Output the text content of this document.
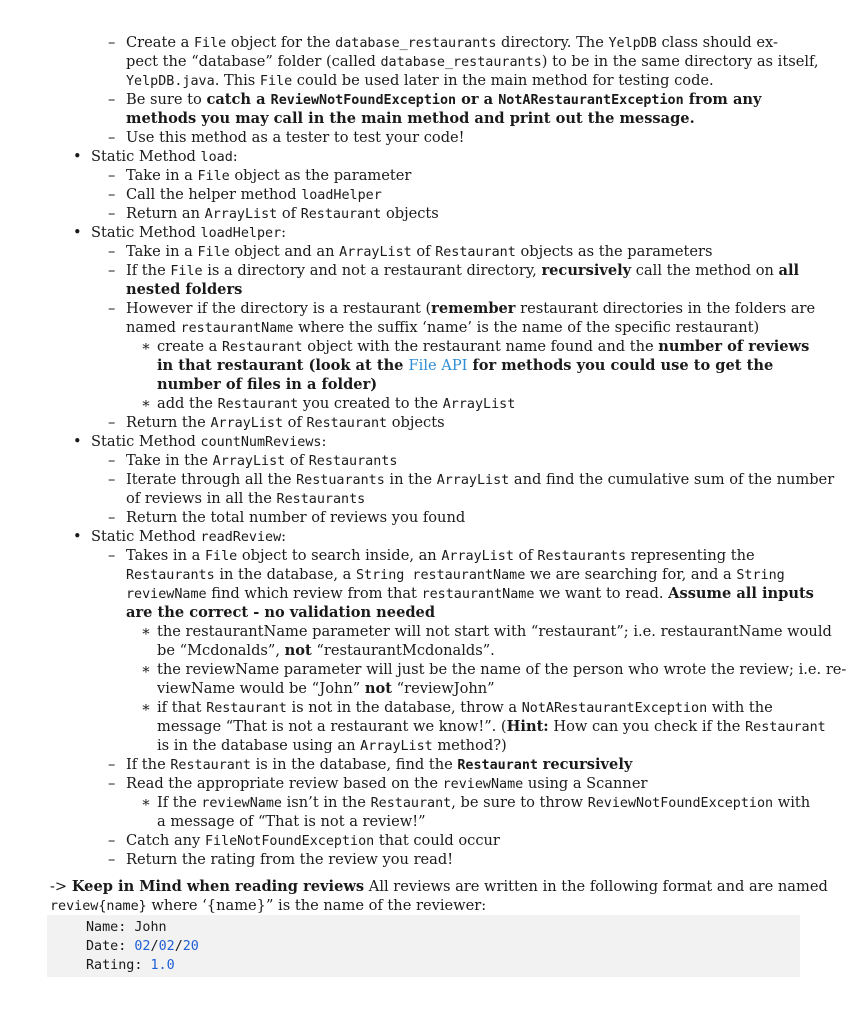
– Create a File object for the database_restaurants directory. The YelpDB class should ex-
pect the “database” folder (called database_restaurants) to be in the same directory as itself,
YelpDB.java. This File could be used later in the main method for testing code.
– Be sure to catch a ReviewNotFoundException or a NotARestaurantException from any
methods you may call in the main method and print out the message.
– Use this method as a tester to test your code!
• Static Method load:
– Take in a File object as the parameter
– Call the helper method loadHelper
– Return an ArrayList of Restaurant objects
• Static Method loadHelper:
– Take in a File object and an ArrayList of Restaurant objects as the parameters
– If the File is a directory and not a restaurant directory, recursively call the method on all
nested folders
– However if the directory is a restaurant (remember restaurant directories in the folders are
named restaurantName where the suffix ‘name’ is the name of the specific restaurant)
∗ create a Restaurant object with the restaurant name found and the number of reviews
in that restaurant (look at the File API for methods you could use to get the
number of files in a folder)
∗ add the Restaurant you created to the ArrayList
– Return the ArrayList of Restaurant objects
• Static Method countNumReviews:
– Take in the ArrayList of Restaurants
– Iterate through all the Restuarants in the ArrayList and find the cumulative sum of the number
of reviews in all the Restaurants
– Return the total number of reviews you found
• Static Method readReview:
– Takes in a File object to search inside, an ArrayList of Restaurants representing the
Restaurants in the database, a String restaurantName we are searching for, and a String
reviewName find which review from that restaurantName we want to read. Assume all inputs
are the correct - no validation needed
∗ the restaurantName parameter will not start with “restaurant”; i.e. restaurantName would
be “Mcdonalds”, not “restaurantMcdonalds”.
∗ the reviewName parameter will just be the name of the person who wrote the review; i.e. re-
viewName would be “John” not “reviewJohn”
∗ if that Restaurant is not in the database, throw a NotARestaurantException with the
message “That is not a restaurant we know!”. (Hint: How can you check if the Restaurant
is in the database using an ArrayList method?)
– If the Restaurant is in the database, find the Restaurant recursively
– Read the appropriate review based on the reviewName using a Scanner
∗ If the reviewName isn’t in the Restaurant, be sure to throw ReviewNotFoundException with
a message of “That is not a review!”
– Catch any FileNotFoundException that could occur
– Return the rating from the review you read!
-> Keep in Mind when reading reviews All reviews are written in the following format and are named
review{name} where ‘{name}” is the name of the reviewer:
Name: John
Date: 02/02/20
Rating: 1.0
